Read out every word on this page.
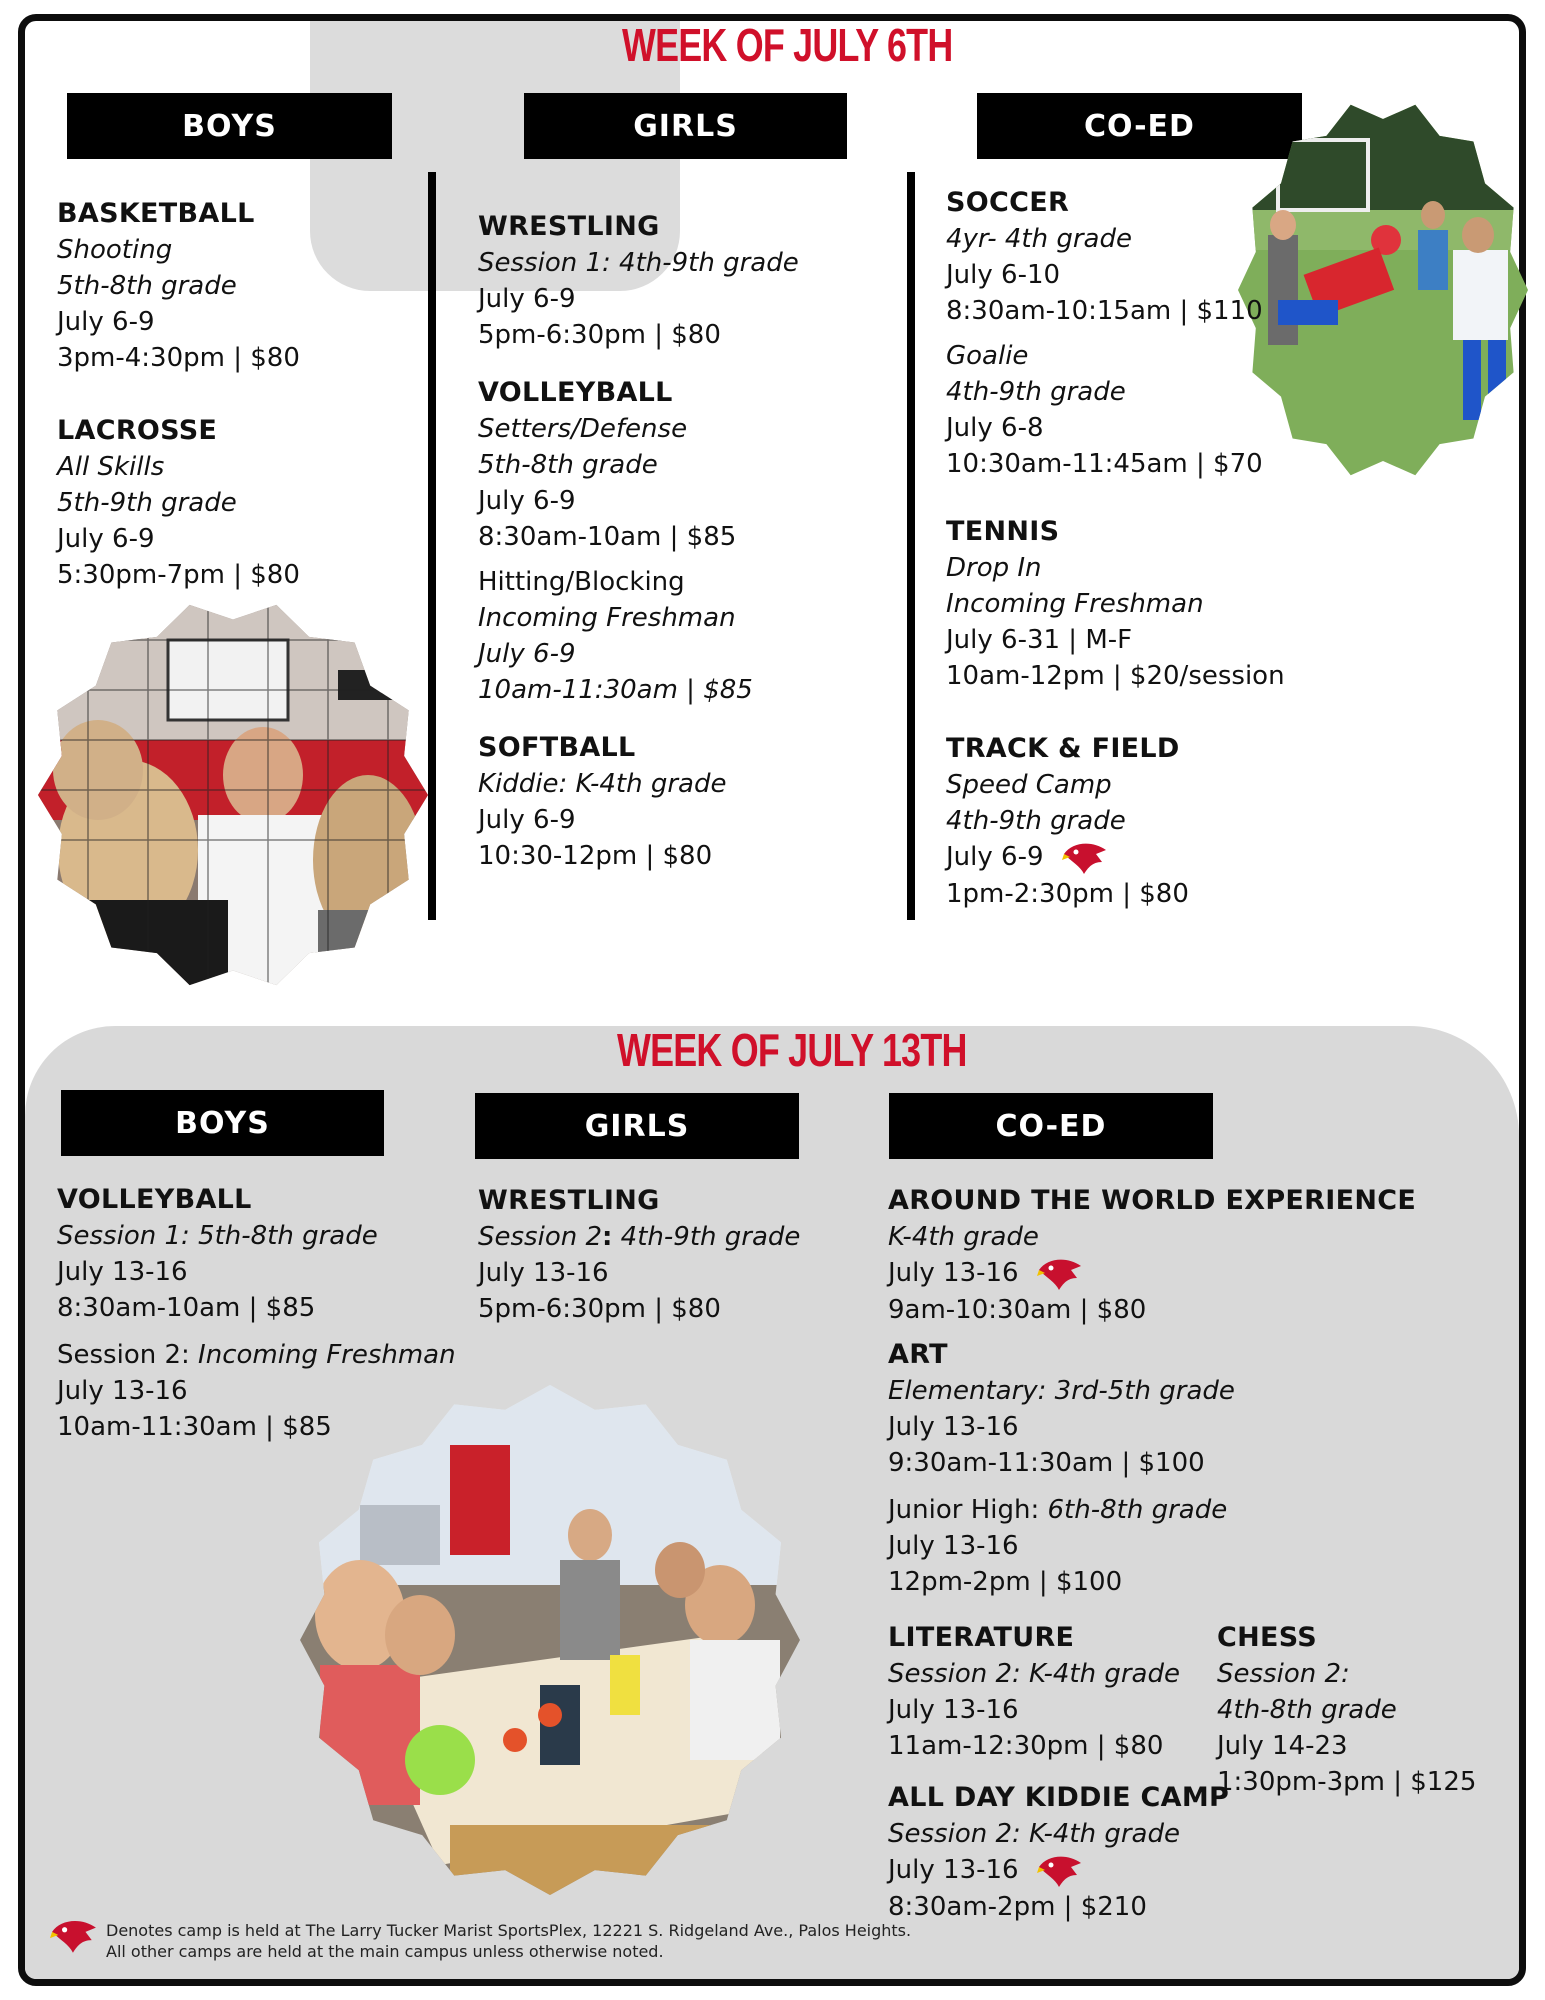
WEEK OF JULY 6TH
BOYS	GIRLS	CO-ED
BASKETBALL
Shooting
5th-8th grade
July 6-9
3pm-4:30pm | $80
LACROSSE
All Skills
5th-9th grade
July 6-9
5:30pm-7pm | $80
WRESTLING
Session 1: 4th-9th grade
July 6-9
5pm-6:30pm | $80
VOLLEYBALL
Setters/Defense
5th-8th grade
July 6-9
8:30am-10am | $85
Hitting/Blocking
Incoming Freshman
July 6-9
10am-11:30am | $85
SOFTBALL
Kiddie: K-4th grade
July 6-9
10:30-12pm | $80
SOCCER
4yr- 4th grade
July 6-10
8:30am-10:15am | $110
Goalie
4th-9th grade
July 6-8
10:30am-11:45am | $70
TENNIS
Drop In
Incoming Freshman
July 6-31 | M-F
10am-12pm | $20/session
TRACK & FIELD
Speed Camp
4th-9th grade
July 6-9
1pm-2:30pm | $80
WEEK OF JULY 13TH
BOYS	GIRLS	CO-ED
VOLLEYBALL
Session 1: 5th-8th grade
July 13-16
8:30am-10am | $85
Session 2: Incoming Freshman
July 13-16
10am-11:30am | $85
WRESTLING
Session 2: 4th-9th grade
July 13-16
5pm-6:30pm | $80
AROUND THE WORLD EXPERIENCE
K-4th grade
July 13-16
9am-10:30am | $80
ART
Elementary: 3rd-5th grade
July 13-16
9:30am-11:30am | $100
Junior High: 6th-8th grade
July 13-16
12pm-2pm | $100
LITERATURE
Session 2: K-4th grade
July 13-16
11am-12:30pm | $80
ALL DAY KIDDIE CAMP
Session 2: K-4th grade
July 13-16
8:30am-2pm | $210
CHESS
Session 2:
4th-8th grade
July 14-23
1:30pm-3pm | $125
Denotes camp is held at The Larry Tucker Marist SportsPlex, 12221 S. Ridgeland Ave., Palos Heights.
All other camps are held at the main campus unless otherwise noted.
